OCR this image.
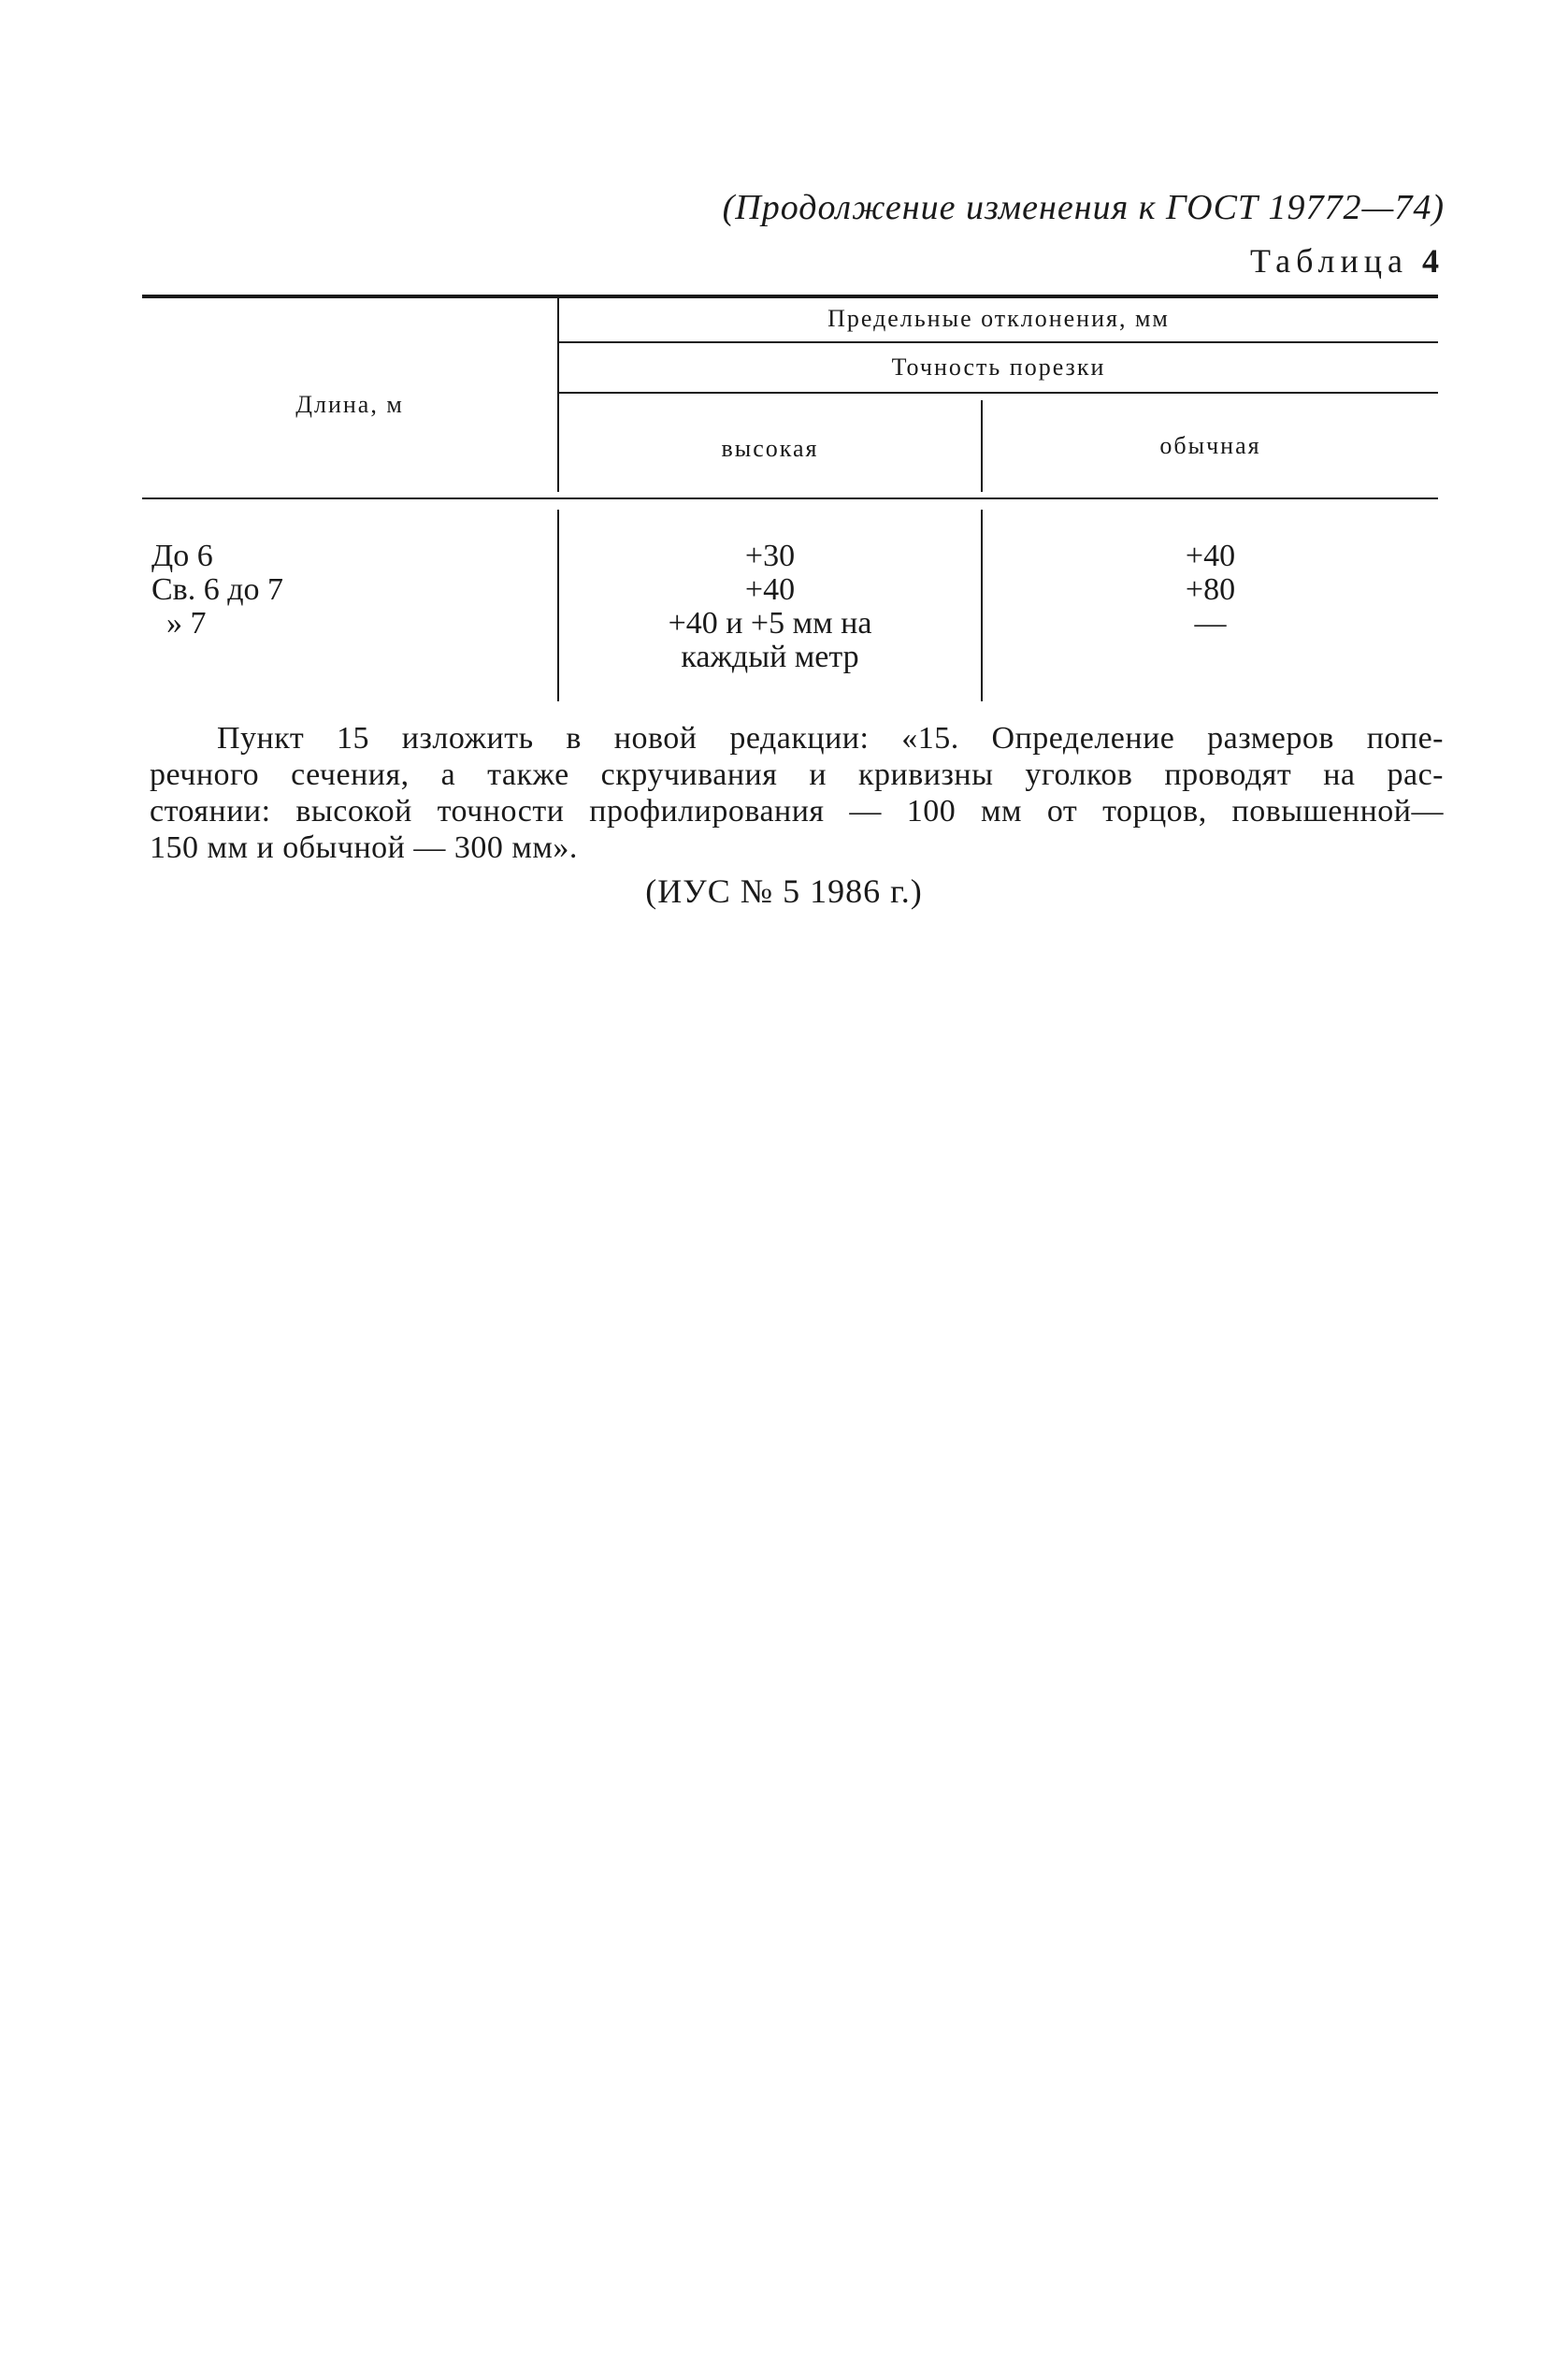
(Продолжение изменения к ГОСТ 19772—74)
Таблица 4
Длина, м
Предельные отклонения, мм
Точность порезки
высокая	обычная
До 6
Св. 6 до 7
» 7
+30
+40
+40 и +5 мм на
каждый метр
+40
+80
—
Пункт 15 изложить в новой редакции: «15. Определение размеров попе-
речного сечения, а также скручивания и кривизны уголков проводят на рас-
стоянии: высокой точности профилирования — 100 мм от торцов, повышенной—
150 мм и обычной — 300 мм».
(ИУС № 5 1986 г.)
